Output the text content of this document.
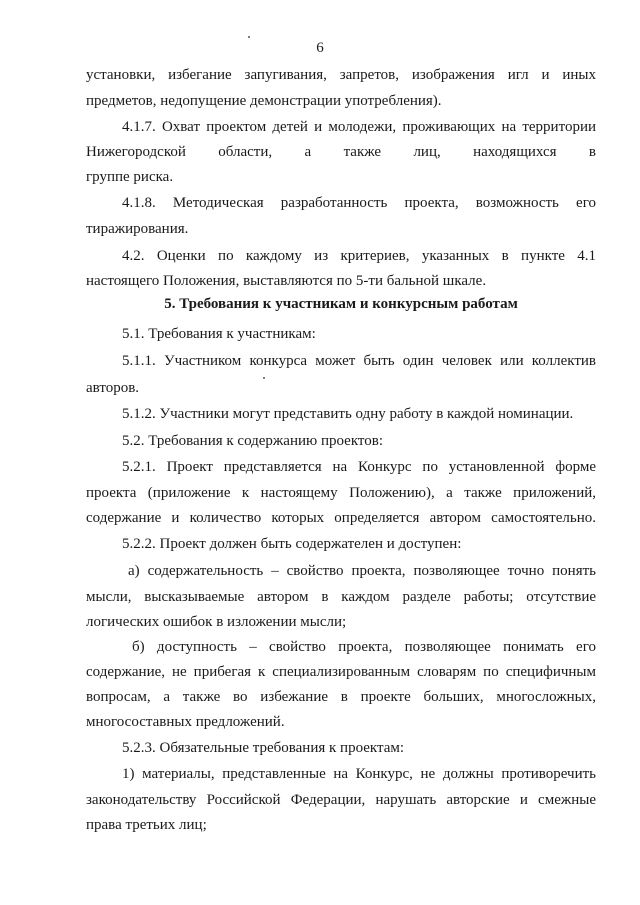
6
установки, избегание запугивания, запретов, изображения игл и иных
предметов, недопущение демонстрации употребления).
4.1.7. Охват проектом детей и молодежи, проживающих на территории
Нижегородской области, а также лиц, находящихся в
группе риска.
4.1.8. Методическая разработанность проекта, возможность его
тиражирования.
4.2. Оценки по каждому из критериев, указанных в пункте 4.1
настоящего Положения, выставляются по 5-ти бальной шкале.
5. Требования к участникам и конкурсным работам
5.1. Требования к участникам:
5.1.1. Участником конкурса может быть один человек или коллектив
авторов.
5.1.2. Участники могут представить одну работу в каждой номинации.
5.2. Требования к содержанию проектов:
5.2.1. Проект представляется на Конкурс по установленной форме
проекта (приложение к настоящему Положению), а также приложений,
содержание и количество которых определяется автором самостоятельно.
5.2.2. Проект должен быть содержателен и доступен:
а) содержательность – свойство проекта, позволяющее точно понять
мысли, высказываемые автором в каждом разделе работы; отсутствие
логических ошибок в изложении мысли;
б) доступность – свойство проекта, позволяющее понимать его
содержание, не прибегая к специализированным словарям по специфичным
вопросам, а также во избежание в проекте больших, многосложных,
многосоставных предложений.
5.2.3. Обязательные требования к проектам:
1) материалы, представленные на Конкурс, не должны противоречить
законодательству Российской Федерации, нарушать авторские и смежные
права третьих лиц;
